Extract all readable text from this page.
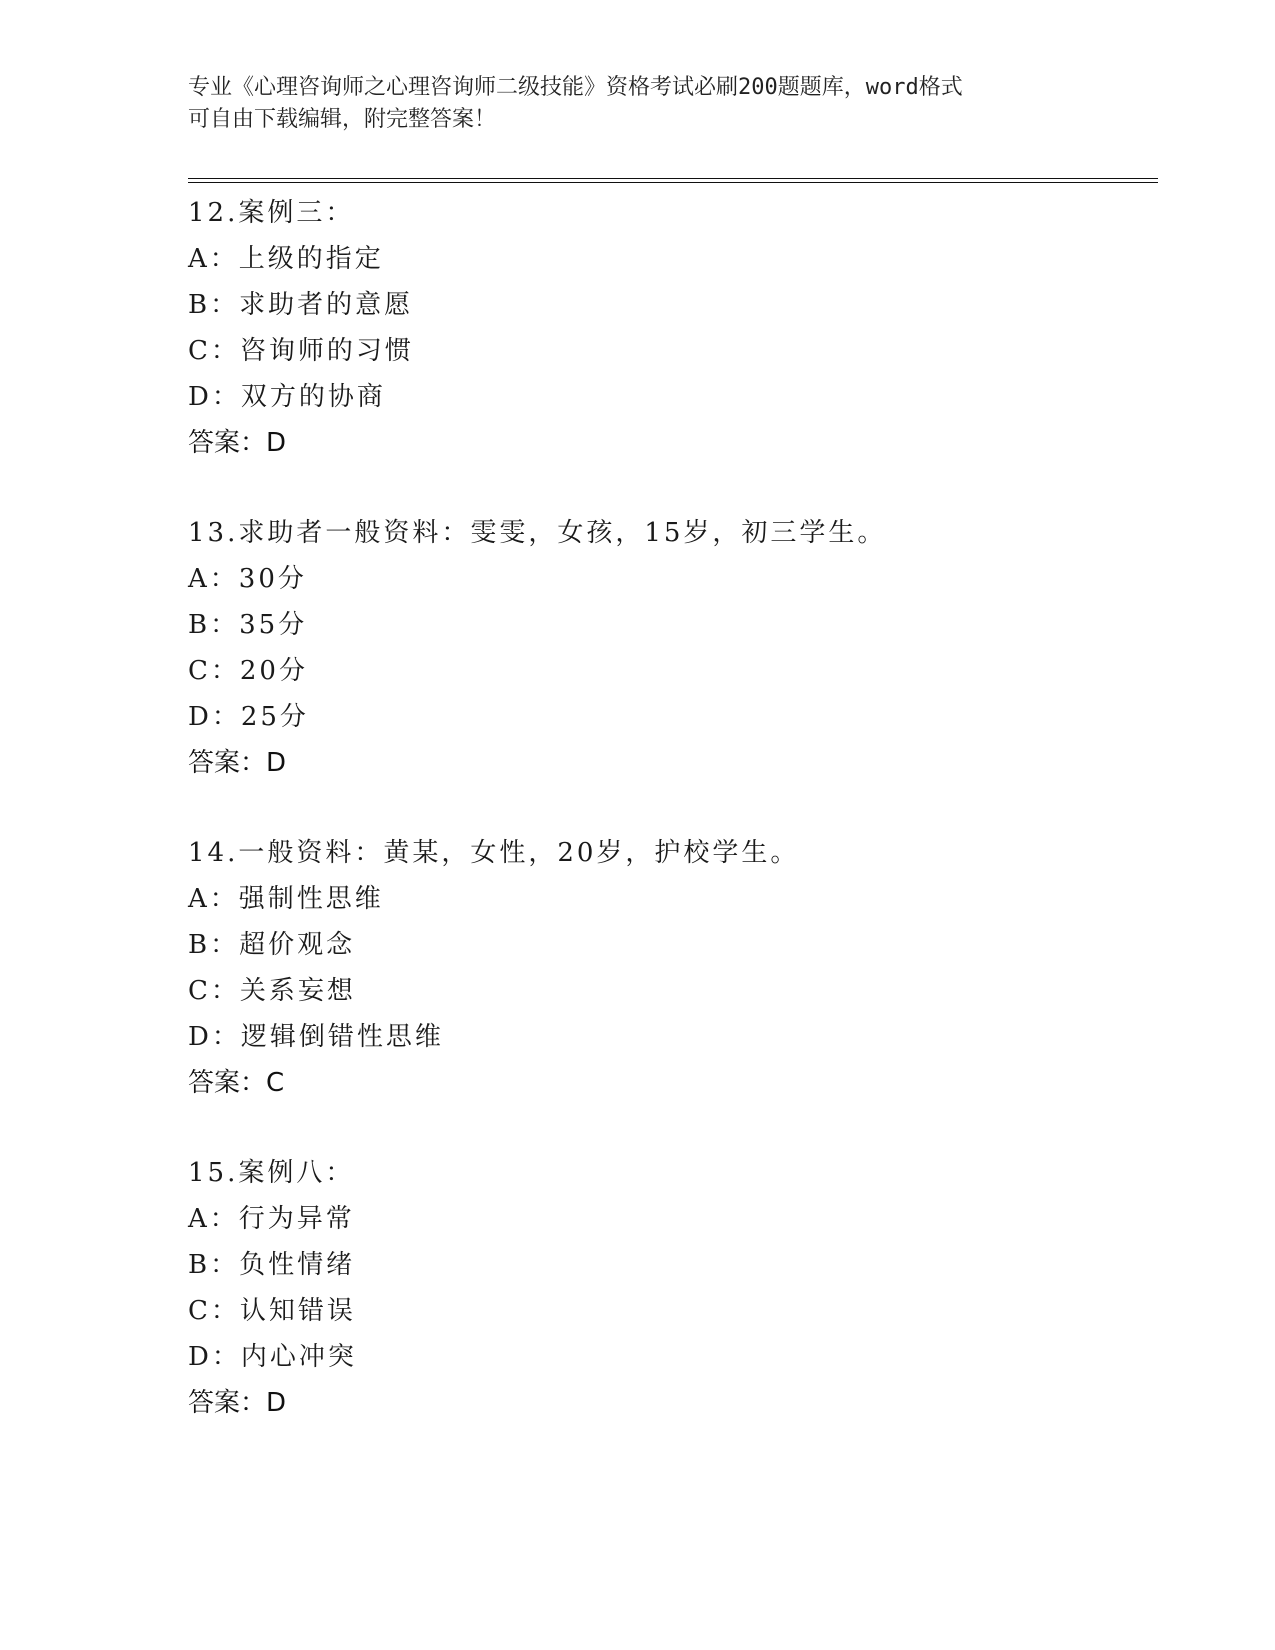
专业《心理咨询师之心理咨询师二级技能》资格考试必刷200题题库，word格式
可自由下载编辑，附完整答案！
12.案例三：
A：上级的指定
B：求助者的意愿
C：咨询师的习惯
D：双方的协商
答案：D
13.求助者一般资料：雯雯，女孩，15岁，初三学生。
A：30分
B：35分
C：20分
D：25分
答案：D
14.一般资料：黄某，女性，20岁，护校学生。
A：强制性思维
B：超价观念
C：关系妄想
D：逻辑倒错性思维
答案：C
15.案例八：
A：行为异常
B：负性情绪
C：认知错误
D：内心冲突
答案：D
